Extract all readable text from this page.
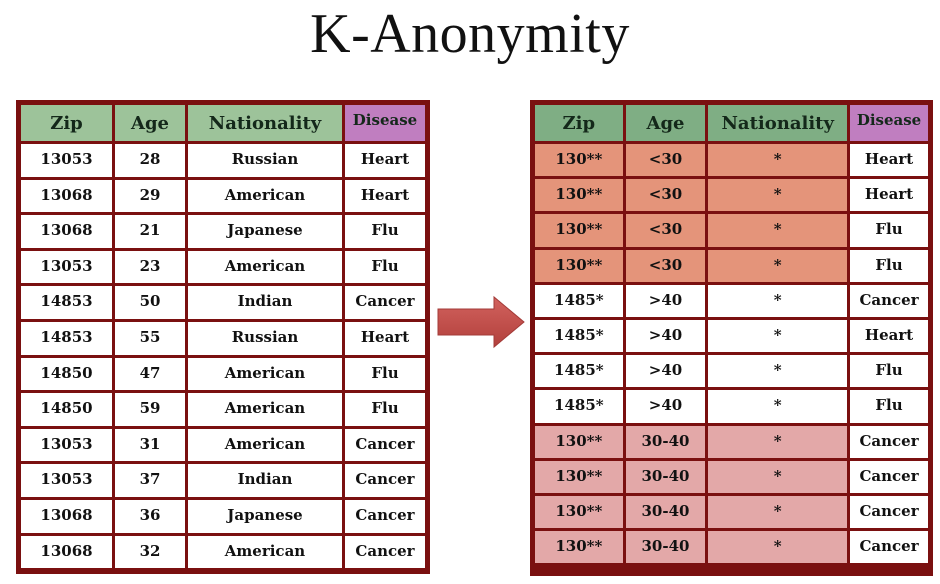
K-Anonymity
Zip	Age	Nationality	Disease
13053	28	Russian	Heart
13068	29	American	Heart
13068	21	Japanese	Flu
13053	23	American	Flu
14853	50	Indian	Cancer
14853	55	Russian	Heart
14850	47	American	Flu
14850	59	American	Flu
13053	31	American	Cancer
13053	37	Indian	Cancer
13068	36	Japanese	Cancer
13068	32	American	Cancer
Zip	Age	Nationality	Disease
130**	<30	*	Heart
130**	<30	*	Heart
130**	<30	*	Flu
130**	<30	*	Flu
1485*	>40	*	Cancer
1485*	>40	*	Heart
1485*	>40	*	Flu
1485*	>40	*	Flu
130**	30-40	*	Cancer
130**	30-40	*	Cancer
130**	30-40	*	Cancer
130**	30-40	*	Cancer
